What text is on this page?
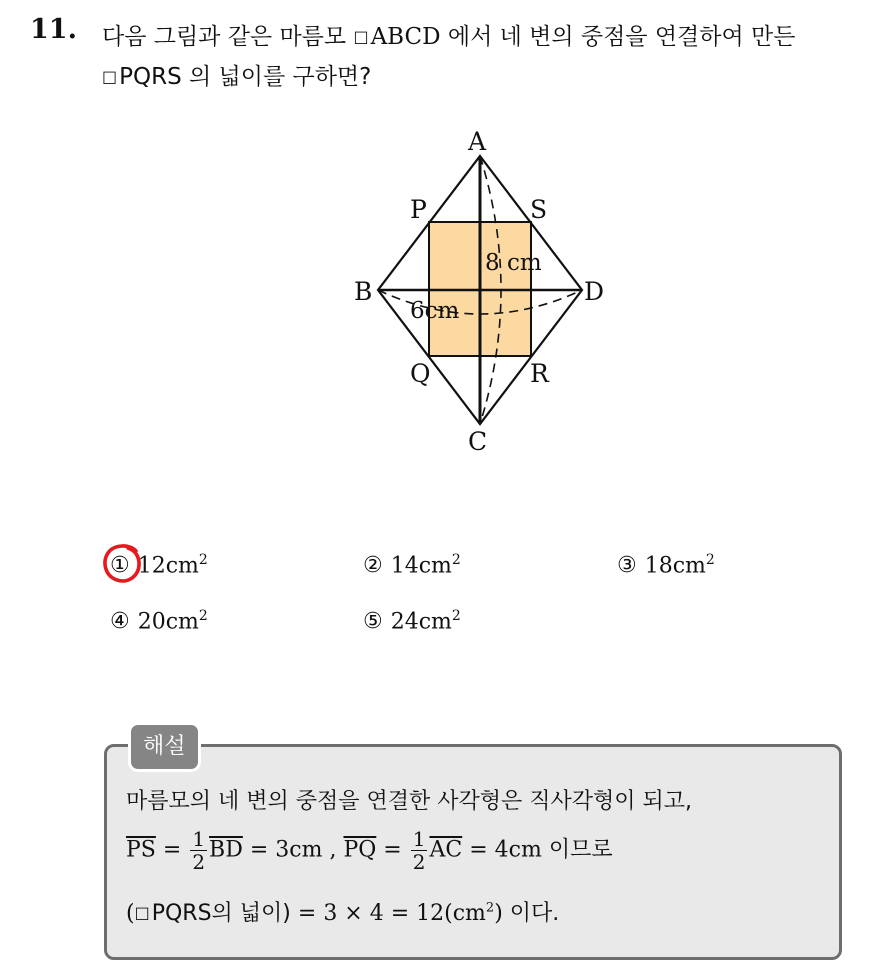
11. 다음 그림과 같은 마름모 □ABCD 에서 네 변의 중점을 연결하여 만든
□PQRS 의 넓이를 구하면?
A
P	S
B	D
Q	R
C
8 cm
6cm
① $12cm^2$	② $14cm^2$	③ $18cm^2$
④ $20cm^2$	⑤ $24cm^2$
해설
마름모의 네 변의 중점을 연결한 사각형은 직사각형이 되고,
$\overline{PS} = \frac{1}{2} \overline{BD} = 3cm$ , $\overline{PQ} = \frac{1}{2} \overline{AC} = 4cm$ 이므로
(□PQRS의 넓이) = $3 \times 4 = 12(cm^2)$ 이다.
